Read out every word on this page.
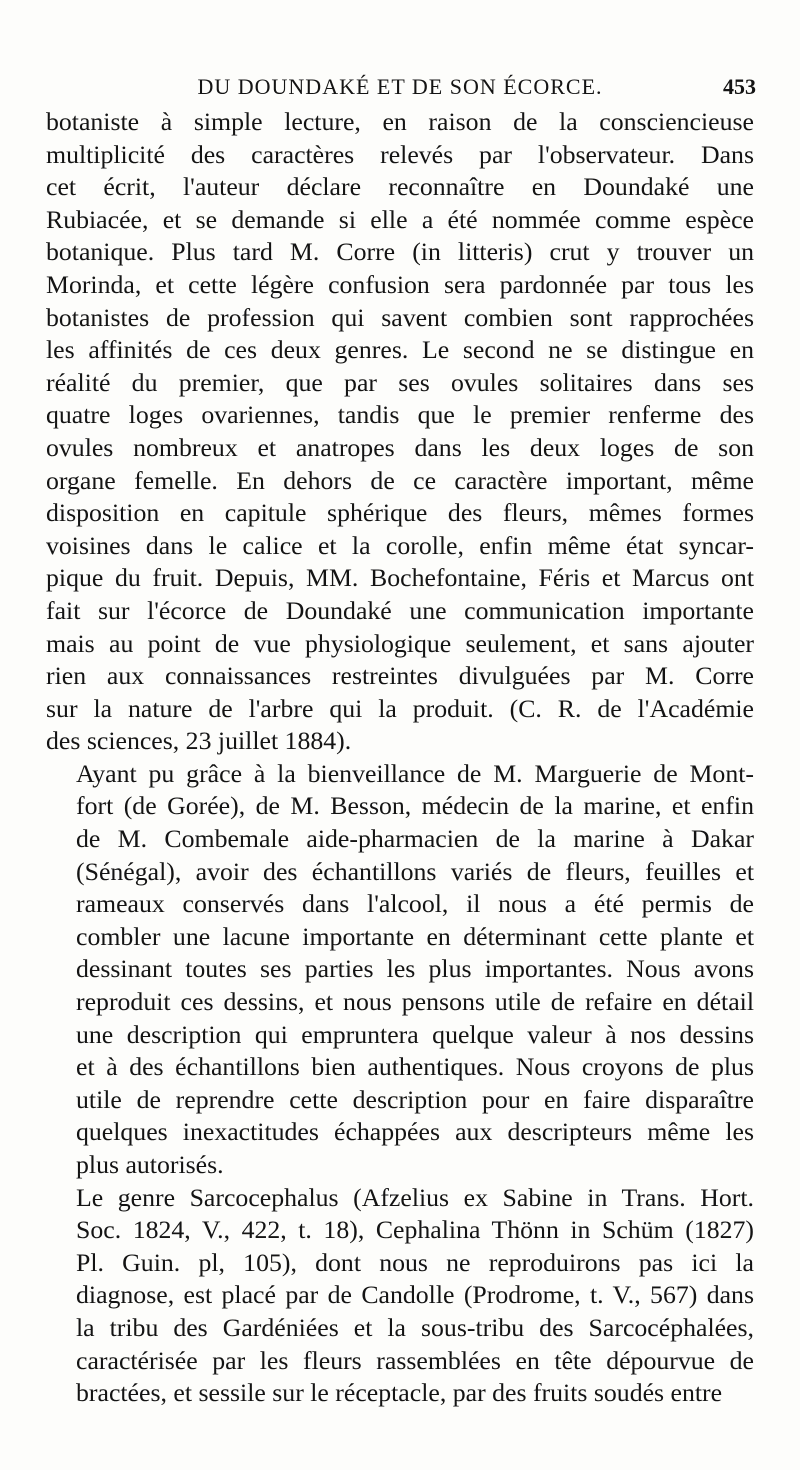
DU DOUNDAKÉ ET DE SON ÉCORCE.	453

botaniste à simple lecture, en raison de la consciencieuse
multiplicité des caractères relevés par l'observateur. Dans
cet écrit, l'auteur déclare reconnaître en Doundaké une
Rubiacée, et se demande si elle a été nommée comme espèce
botanique. Plus tard M. Corre (in litteris) crut y trouver un
Morinda, et cette légère confusion sera pardonnée par tous les
botanistes de profession qui savent combien sont rapprochées
les affinités de ces deux genres. Le second ne se distingue en
réalité du premier, que par ses ovules solitaires dans ses
quatre loges ovariennes, tandis que le premier renferme des
ovules nombreux et anatropes dans les deux loges de son
organe femelle. En dehors de ce caractère important, même
disposition en capitule sphérique des fleurs, mêmes formes
voisines dans le calice et la corolle, enfin même état syncar-
pique du fruit. Depuis, MM. Bochefontaine, Féris et Marcus ont
fait sur l'écorce de Doundaké une communication importante
mais au point de vue physiologique seulement, et sans ajouter
rien aux connaissances restreintes divulguées par M. Corre
sur la nature de l'arbre qui la produit. (C. R. de l'Académie
des sciences, 23 juillet 1884).

Ayant pu grâce à la bienveillance de M. Marguerie de Mont-
fort (de Gorée), de M. Besson, médecin de la marine, et enfin
de M. Combemale aide-pharmacien de la marine à Dakar
(Sénégal), avoir des échantillons variés de fleurs, feuilles et
rameaux conservés dans l'alcool, il nous a été permis de
combler une lacune importante en déterminant cette plante et
dessinant toutes ses parties les plus importantes. Nous avons
reproduit ces dessins, et nous pensons utile de refaire en détail
une description qui empruntera quelque valeur à nos dessins
et à des échantillons bien authentiques. Nous croyons de plus
utile de reprendre cette description pour en faire disparaître
quelques inexactitudes échappées aux descripteurs même les
plus autorisés.

Le genre Sarcocephalus (Afzelius ex Sabine in Trans. Hort.
Soc. 1824, V., 422, t. 18), Cephalina Thönn in Schüm (1827)
Pl. Guin. pl, 105), dont nous ne reproduirons pas ici la
diagnose, est placé par de Candolle (Prodrome, t. V., 567) dans
la tribu des Gardéniées et la sous-tribu des Sarcocéphalées,
caractérisée par les fleurs rassemblées en tête dépourvue de
bractées, et sessile sur le réceptacle, par des fruits soudés entre
